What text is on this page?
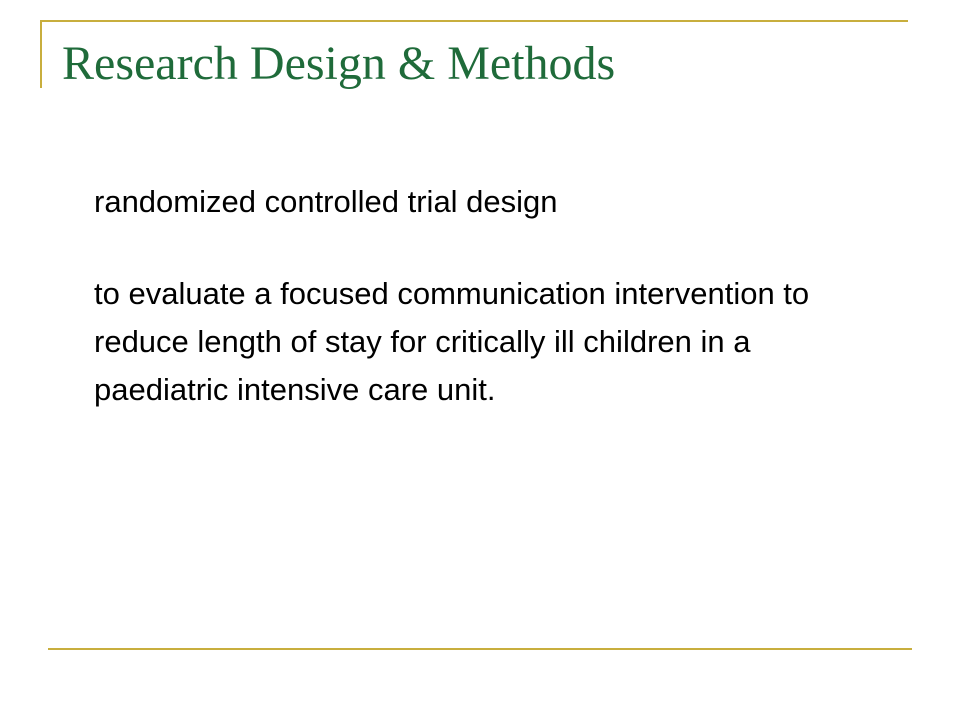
Research Design & Methods

randomized controlled trial design

to evaluate a focused communication intervention to reduce length of stay for critically ill children in a paediatric intensive care unit.
